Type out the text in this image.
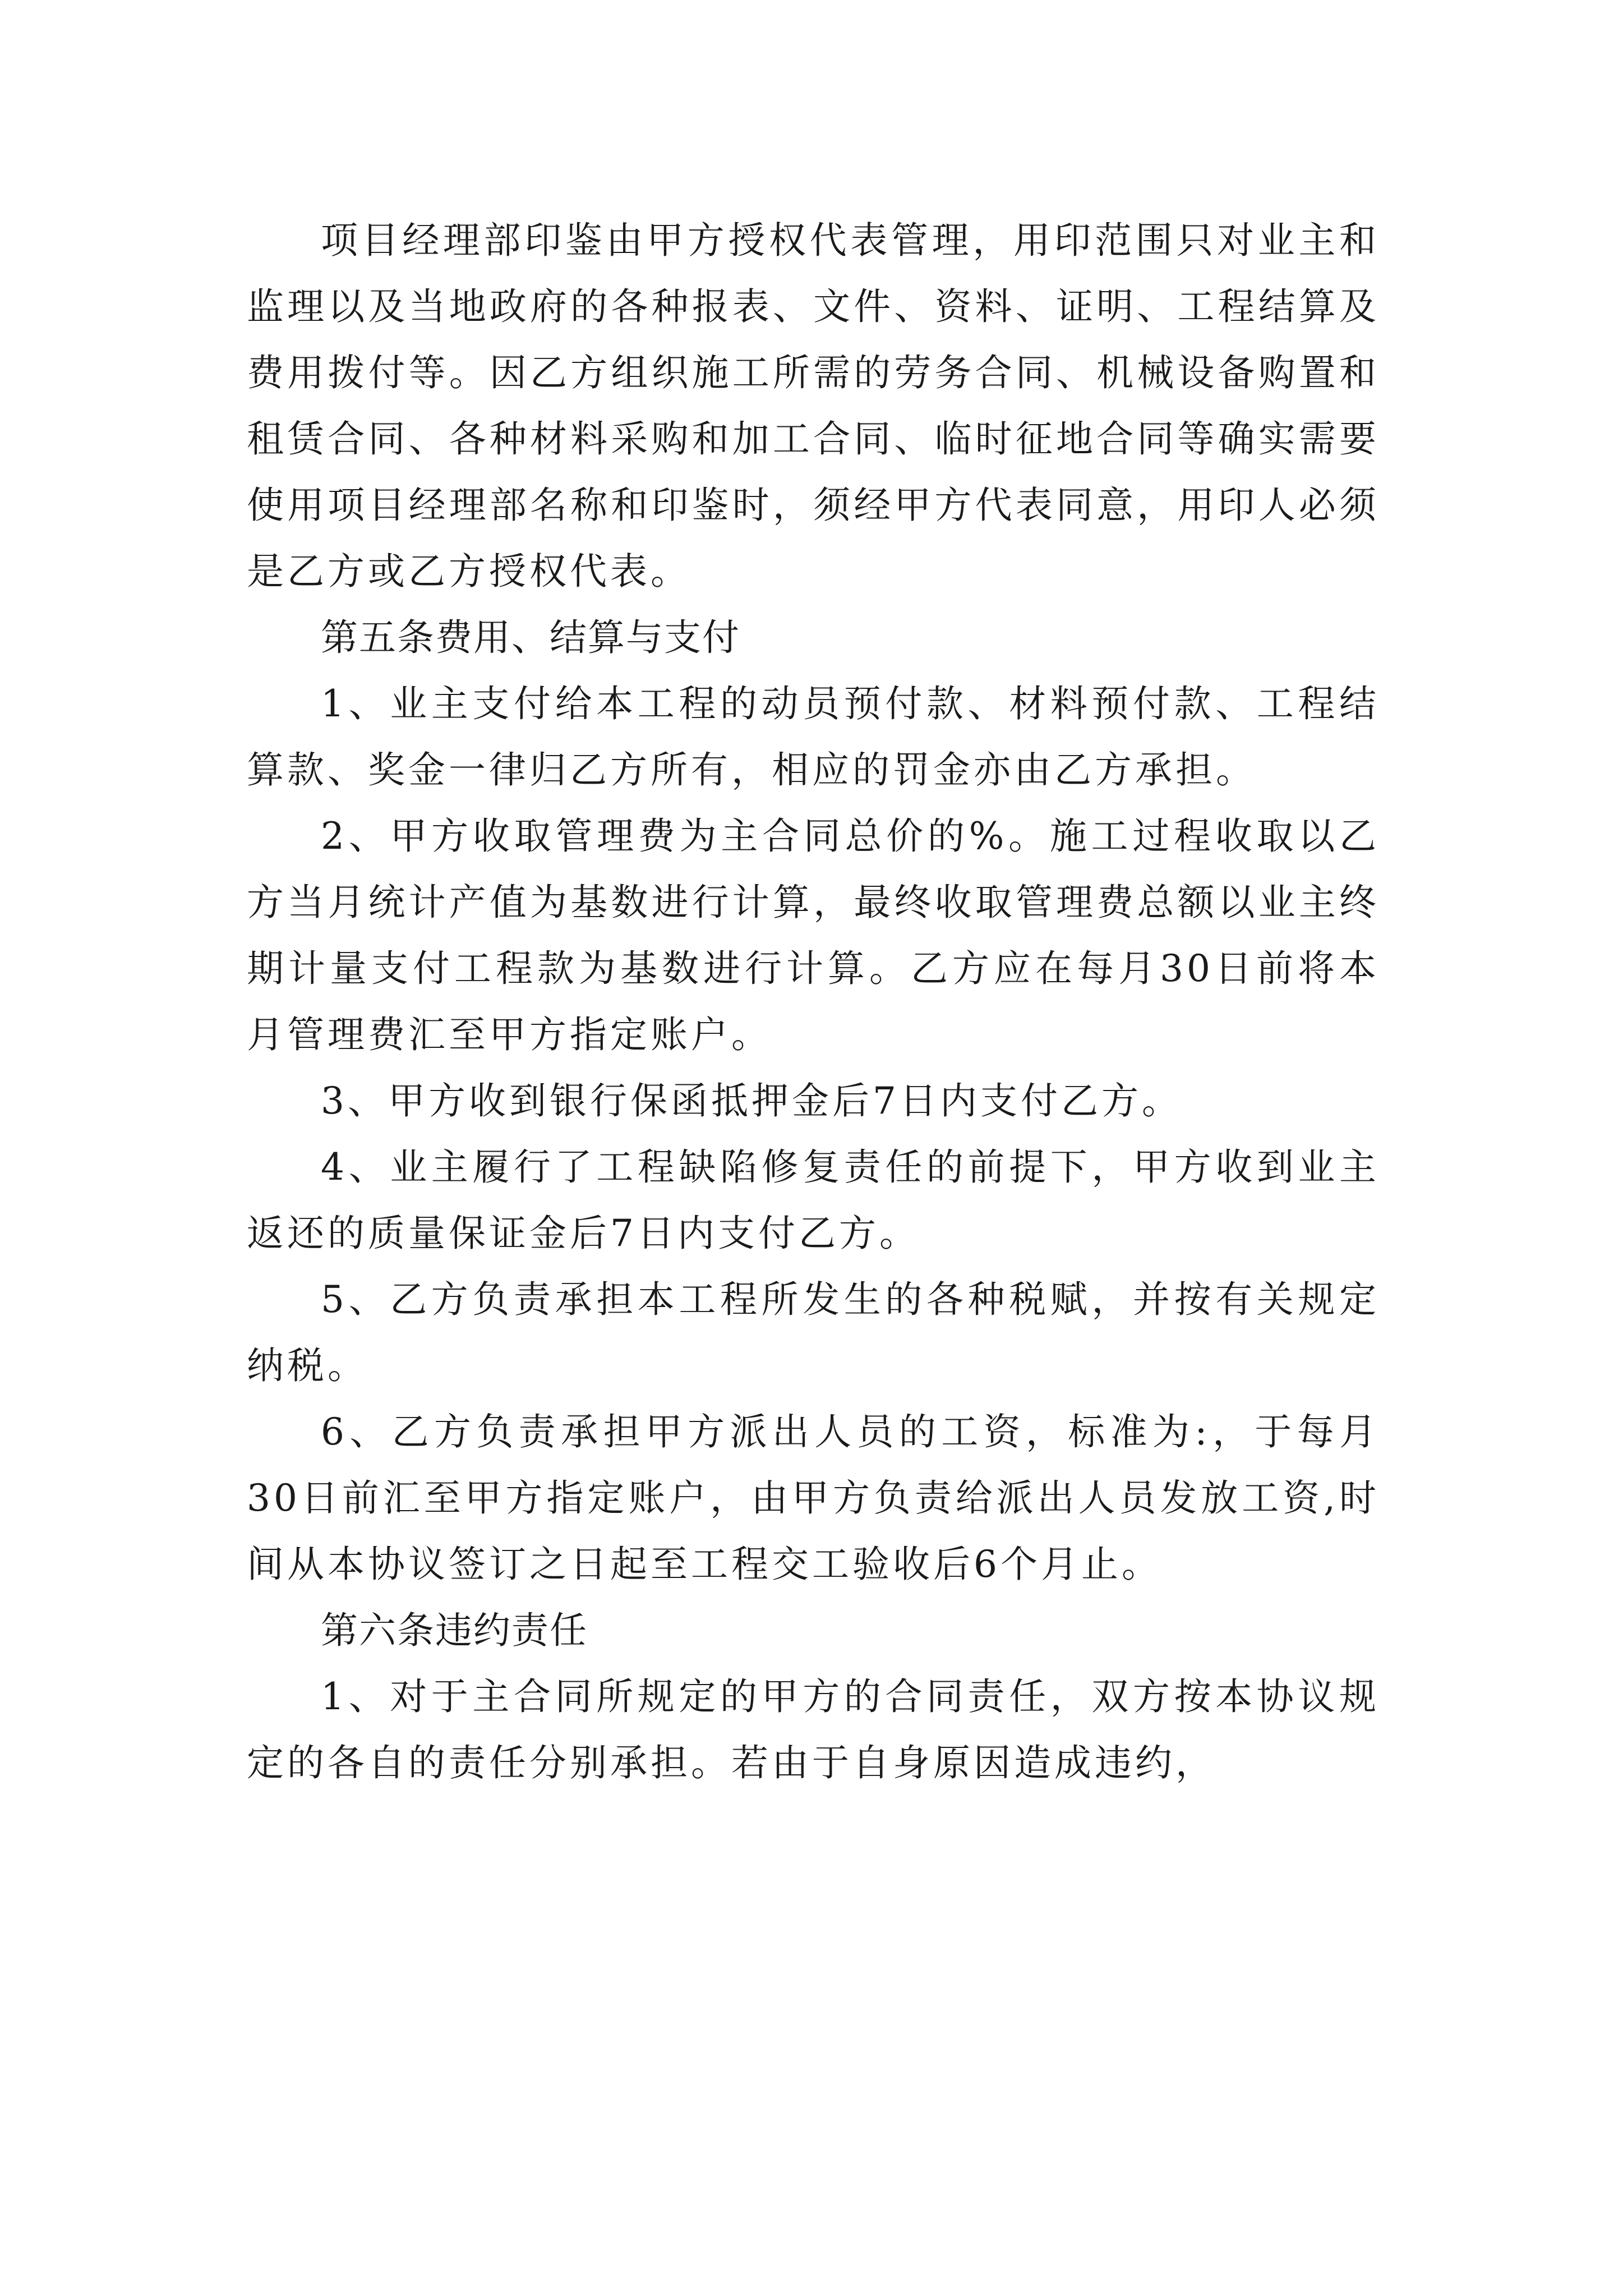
项目经理部印鉴由甲方授权代表管理，用印范围只对业主和监理以及当地政府的各种报表、文件、资料、证明、工程结算及费用拨付等。因乙方组织施工所需的劳务合同、机械设备购置和租赁合同、各种材料采购和加工合同、临时征地合同等确实需要使用项目经理部名称和印鉴时，须经甲方代表同意，用印人必须是乙方或乙方授权代表。

第五条费用、结算与支付

1、业主支付给本工程的动员预付款、材料预付款、工程结算款、奖金一律归乙方所有，相应的罚金亦由乙方承担。

2、甲方收取管理费为主合同总价的%。施工过程收取以乙方当月统计产值为基数进行计算，最终收取管理费总额以业主终期计量支付工程款为基数进行计算。乙方应在每月30日前将本月管理费汇至甲方指定账户。

3、甲方收到银行保函抵押金后7日内支付乙方。

4、业主履行了工程缺陷修复责任的前提下，甲方收到业主返还的质量保证金后7日内支付乙方。

5、乙方负责承担本工程所发生的各种税赋，并按有关规定纳税。

6、乙方负责承担甲方派出人员的工资，标准为:，于每月30日前汇至甲方指定账户，由甲方负责给派出人员发放工资,时间从本协议签订之日起至工程交工验收后6个月止。

第六条违约责任

1、对于主合同所规定的甲方的合同责任，双方按本协议规定的各自的责任分别承担。若由于自身原因造成违约，
